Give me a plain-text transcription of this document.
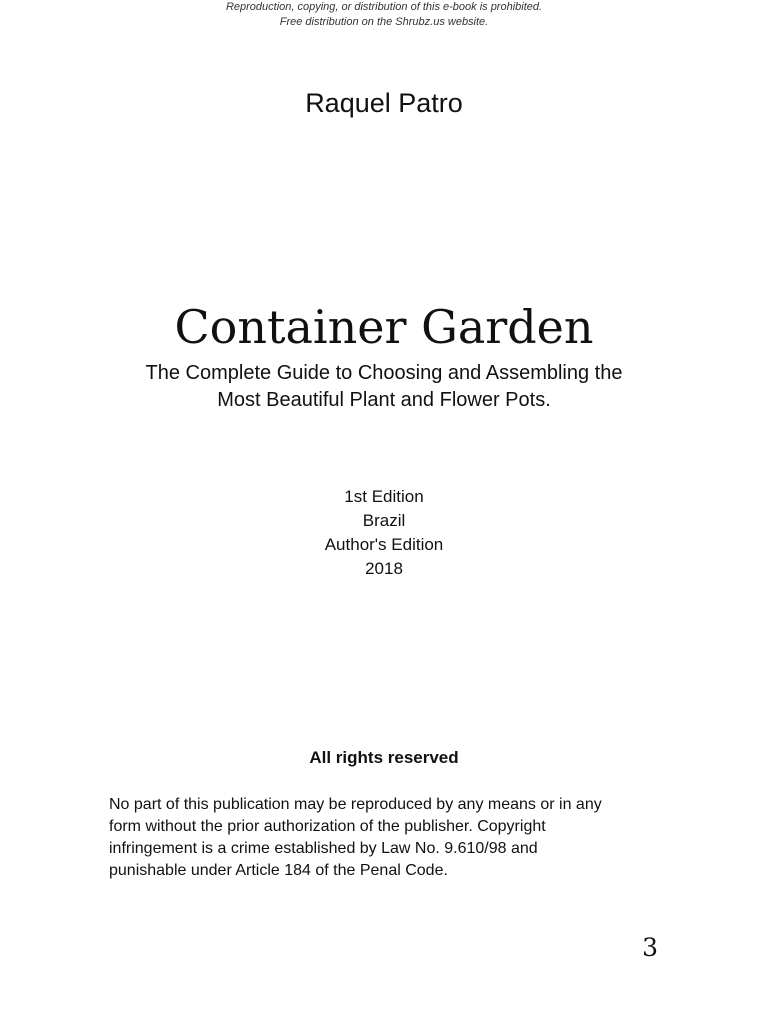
Reproduction, copying, or distribution of this e-book is prohibited.
Free distribution on the Shrubz.us website.
Raquel Patro
Container Garden
The Complete Guide to Choosing and Assembling the
Most Beautiful Plant and Flower Pots.
1st Edition
Brazil
Author's Edition
2018
All rights reserved
No part of this publication may be reproduced by any means or in any
form without the prior authorization of the publisher. Copyright
infringement is a crime established by Law No. 9.610/98 and
punishable under Article 184 of the Penal Code.
3
